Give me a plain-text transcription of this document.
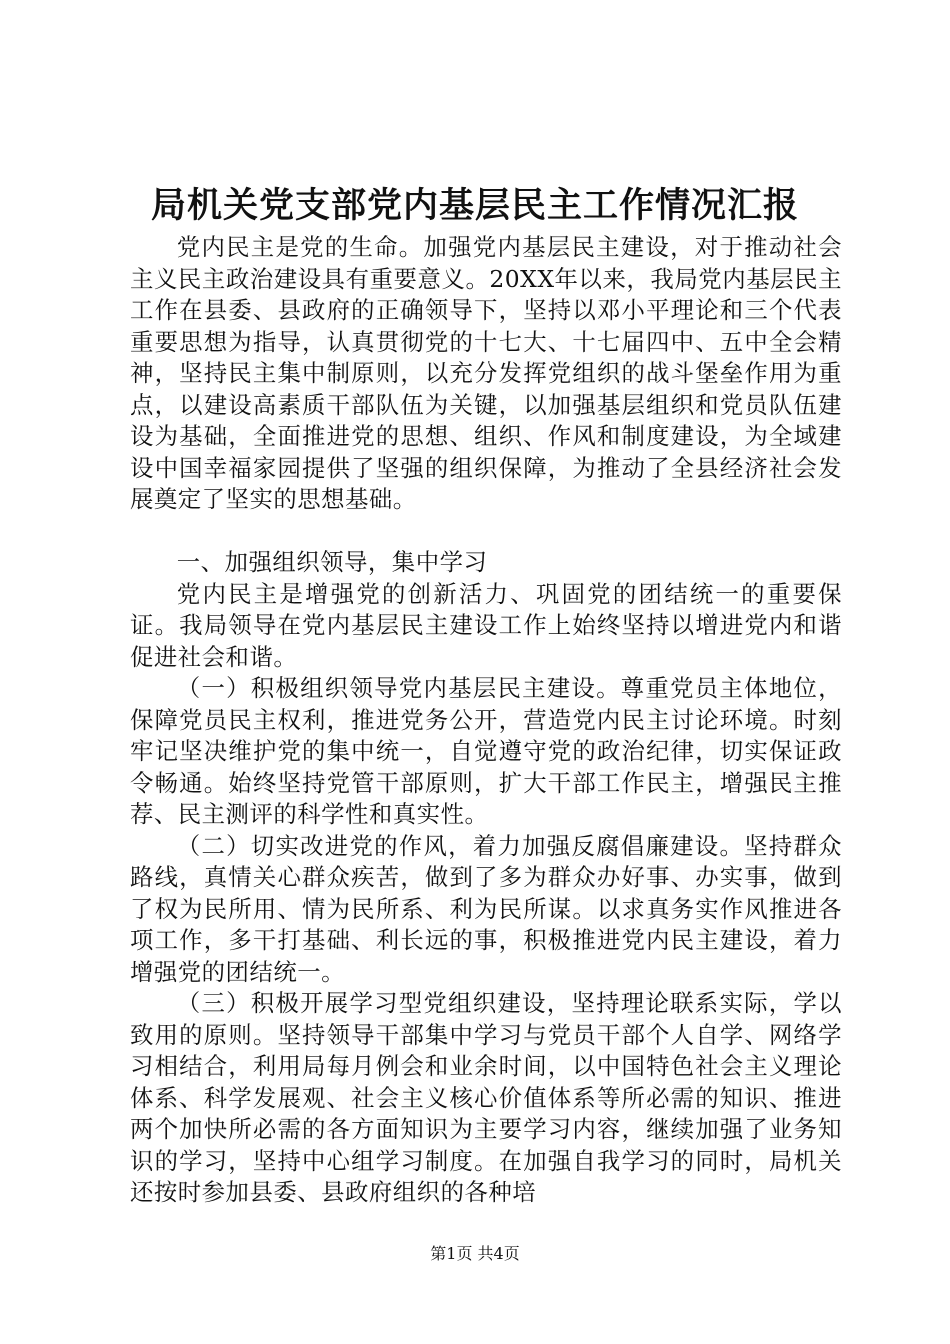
局机关党支部党内基层民主工作情况汇报

党内民主是党的生命。加强党内基层民主建设，对于推动社会主义民主政治建设具有重要意义。20XX年以来，我局党内基层民主工作在县委、县政府的正确领导下，坚持以邓小平理论和三个代表重要思想为指导，认真贯彻党的十七大、十七届四中、五中全会精神，坚持民主集中制原则，以充分发挥党组织的战斗堡垒作用为重点，以建设高素质干部队伍为关键，以加强基层组织和党员队伍建设为基础，全面推进党的思想、组织、作风和制度建设，为全域建设中国幸福家园提供了坚强的组织保障，为推动了全县经济社会发展奠定了坚实的思想基础。

一、加强组织领导，集中学习

党内民主是增强党的创新活力、巩固党的团结统一的重要保证。我局领导在党内基层民主建设工作上始终坚持以增进党内和谐促进社会和谐。

（一）积极组织领导党内基层民主建设。尊重党员主体地位，保障党员民主权利，推进党务公开，营造党内民主讨论环境。时刻牢记坚决维护党的集中统一，自觉遵守党的政治纪律，切实保证政令畅通。始终坚持党管干部原则，扩大干部工作民主，增强民主推荐、民主测评的科学性和真实性。

（二）切实改进党的作风，着力加强反腐倡廉建设。坚持群众路线，真情关心群众疾苦，做到了多为群众办好事、办实事，做到了权为民所用、情为民所系、利为民所谋。以求真务实作风推进各项工作，多干打基础、利长远的事，积极推进党内民主建设，着力增强党的团结统一。

（三）积极开展学习型党组织建设，坚持理论联系实际，学以致用的原则。坚持领导干部集中学习与党员干部个人自学、网络学习相结合，利用局每月例会和业余时间，以中国特色社会主义理论体系、科学发展观、社会主义核心价值体系等所必需的知识、推进两个加快所必需的各方面知识为主要学习内容，继续加强了业务知识的学习，坚持中心组学习制度。在加强自我学习的同时，局机关还按时参加县委、县政府组织的各种培

第1页 共4页
